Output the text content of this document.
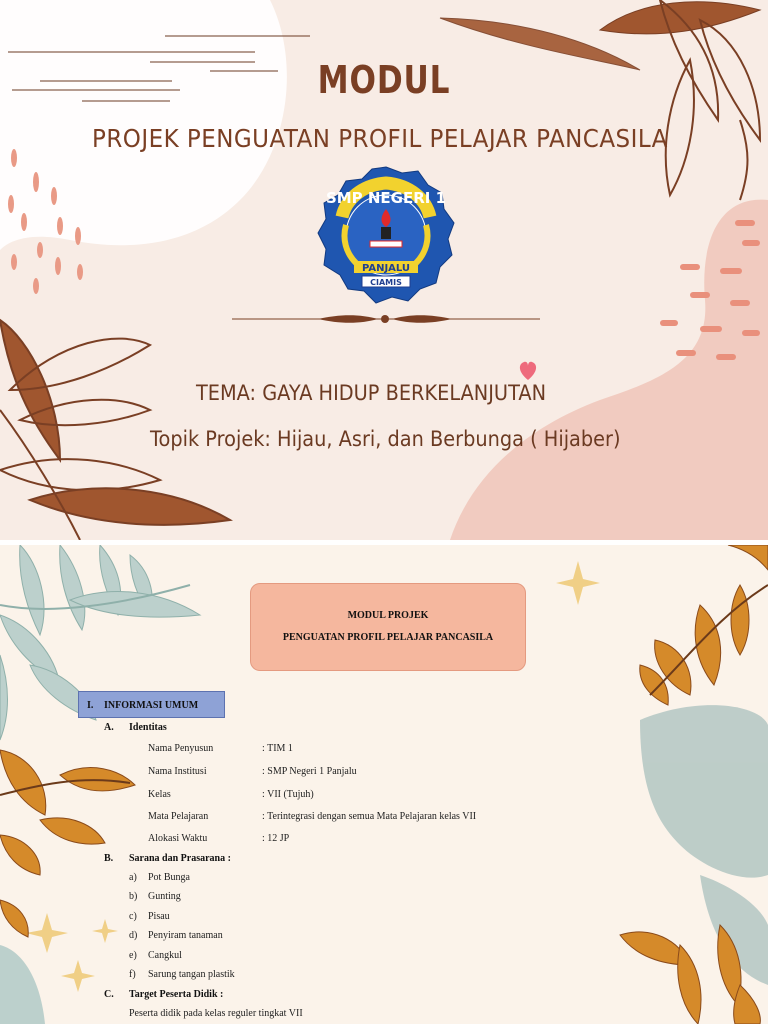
MODUL
PROJEK PENGUATAN PROFIL PELAJAR PANCASILA
SMP NEGERI 1
PANJALU
CIAMIS
TEMA: GAYA HIDUP BERKELANJUTAN
Topik Projek: Hijau, Asri, dan Berbunga ( Hijaber)
MODUL PROJEK
PENGUATAN PROFIL PELAJAR PANCASILA
I. INFORMASI UMUM
A. Identitas
Nama Penyusun	: TIM 1
Nama Institusi	: SMP Negeri 1 Panjalu
Kelas	: VII (Tujuh)
Mata Pelajaran	: Terintegrasi dengan semua Mata Pelajaran kelas VII
Alokasi Waktu	: 12 JP
B. Sarana dan Prasarana :
a) Pot Bunga
b) Gunting
c) Pisau
d) Penyiram tanaman
e) Cangkul
f) Sarung tangan plastik
C. Target Peserta Didik :
Peserta didik pada kelas reguler tingkat VII
